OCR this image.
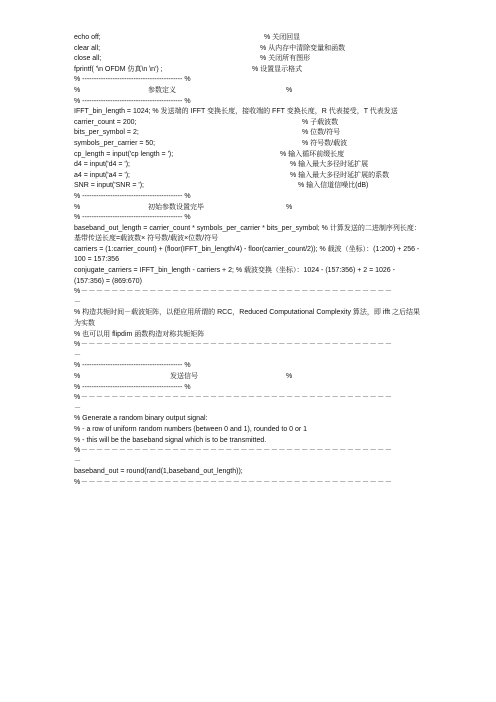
echo off;	% 关闭回显
clear all;	% 从内存中清除变量和函数
close all;	% 关闭所有图形
fprintf( '\n OFDM 仿真\n \n') ;	% 设置显示格式
% ------------------------------------------- %
%	参数定义	%
% ------------------------------------------- %
IFFT_bin_length = 1024; % 发送端的 IFFT 变换长度，接收端的 FFT 变换长度，R 代表接受，T 代表发送
carrier_count = 200;	% 子载波数
bits_per_symbol = 2;	% 位数/符号
symbols_per_carrier = 50;	% 符号数/载波
cp_length = input('cp length = ');	% 输入循环前缀长度
d4 = input('d4 = ');	% 输入最大多径时延扩展
a4 = input('a4 = ');	% 输入最大多径时延扩展的系数
SNR = input('SNR = ');	% 输入信道信噪比(dB)
% ------------------------------------------- %
%	初始参数设置完毕	%
% ------------------------------------------- %
baseband_out_length = carrier_count * symbols_per_carrier * bits_per_symbol; % 计算发送的二进制序列长度：基带传送长度=载波数× 符号数/载波×位数/符号
carriers = (1:carrier_count) + (floor(IFFT_bin_length/4) - floor(carrier_count/2)); % 载波（坐标）：(1:200) + 256 - 100 = 157:356
conjugate_carriers = IFFT_bin_length - carriers + 2; % 载波变换（坐标）：1024 - (157:356) + 2 = 1026 - (157:356) = (869:670)
%－－－－－－－－－－－－－－－－－－－－－－－－－－－－－－－－－－－－－－－－－
－
% 构造共轭时间－载波矩阵，以便应用所谓的 RCC，Reduced Computational Complexity 算法，即 ifft 之后结果为实数
% 也可以用 flipdim 函数构造对称共轭矩阵
%－－－－－－－－－－－－－－－－－－－－－－－－－－－－－－－－－－－－－－－－－
－
% ------------------------------------------- %
%	发送信号	%
% ------------------------------------------- %
%－－－－－－－－－－－－－－－－－－－－－－－－－－－－－－－－－－－－－－－－－
－
% Generate a random binary output signal:
% - a row of uniform random numbers (between 0 and 1), rounded to 0 or 1
% - this will be the baseband signal which is to be transmitted.
%－－－－－－－－－－－－－－－－－－－－－－－－－－－－－－－－－－－－－－－－－
－
baseband_out = round(rand(1,baseband_out_length));
%－－－－－－－－－－－－－－－－－－－－－－－－－－－－－－－－－－－－－－－－－
